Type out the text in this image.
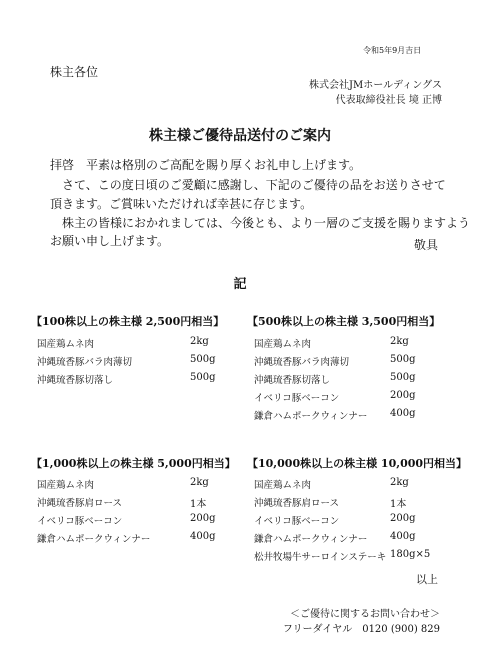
令和5年9月吉日
株主各位
株式会社JMホールディングス
代表取締役社長 境 正博
株主様ご優待品送付のご案内
拝啓　平素は格別のご高配を賜り厚くお礼申し上げます。
　さて、この度日頃のご愛顧に感謝し、下記のご優待の品をお送りさせて
頂きます。ご賞味いただければ幸甚に存じます。
　株主の皆様におかれましては、今後とも、より一層のご支援を賜りますよう
お願い申し上げます。	敬具
記
【100株以上の株主様 2,500円相当】
国産鶏ムネ肉	2kg
沖縄琉香豚バラ肉薄切	500g
沖縄琉香豚切落し	500g
【500株以上の株主様 3,500円相当】
国産鶏ムネ肉	2kg
沖縄琉香豚バラ肉薄切	500g
沖縄琉香豚切落し	500g
イベリコ豚ベーコン	200g
鎌倉ハムポークウィンナー 400g
【1,000株以上の株主様 5,000円相当】
国産鶏ムネ肉	2kg
沖縄琉香豚肩ロース	1本
イベリコ豚ベーコン	200g
鎌倉ハムポークウィンナー	400g
【10,000株以上の株主様 10,000円相当】
国産鶏ムネ肉	2kg
沖縄琉香豚肩ロース	1本
イベリコ豚ベーコン	200g
鎌倉ハムポークウィンナー 400g
松井牧場牛サーロインステーキ 180g×5
以上
＜ご優待に関するお問い合わせ＞
フリーダイヤル　0120 (900) 829
